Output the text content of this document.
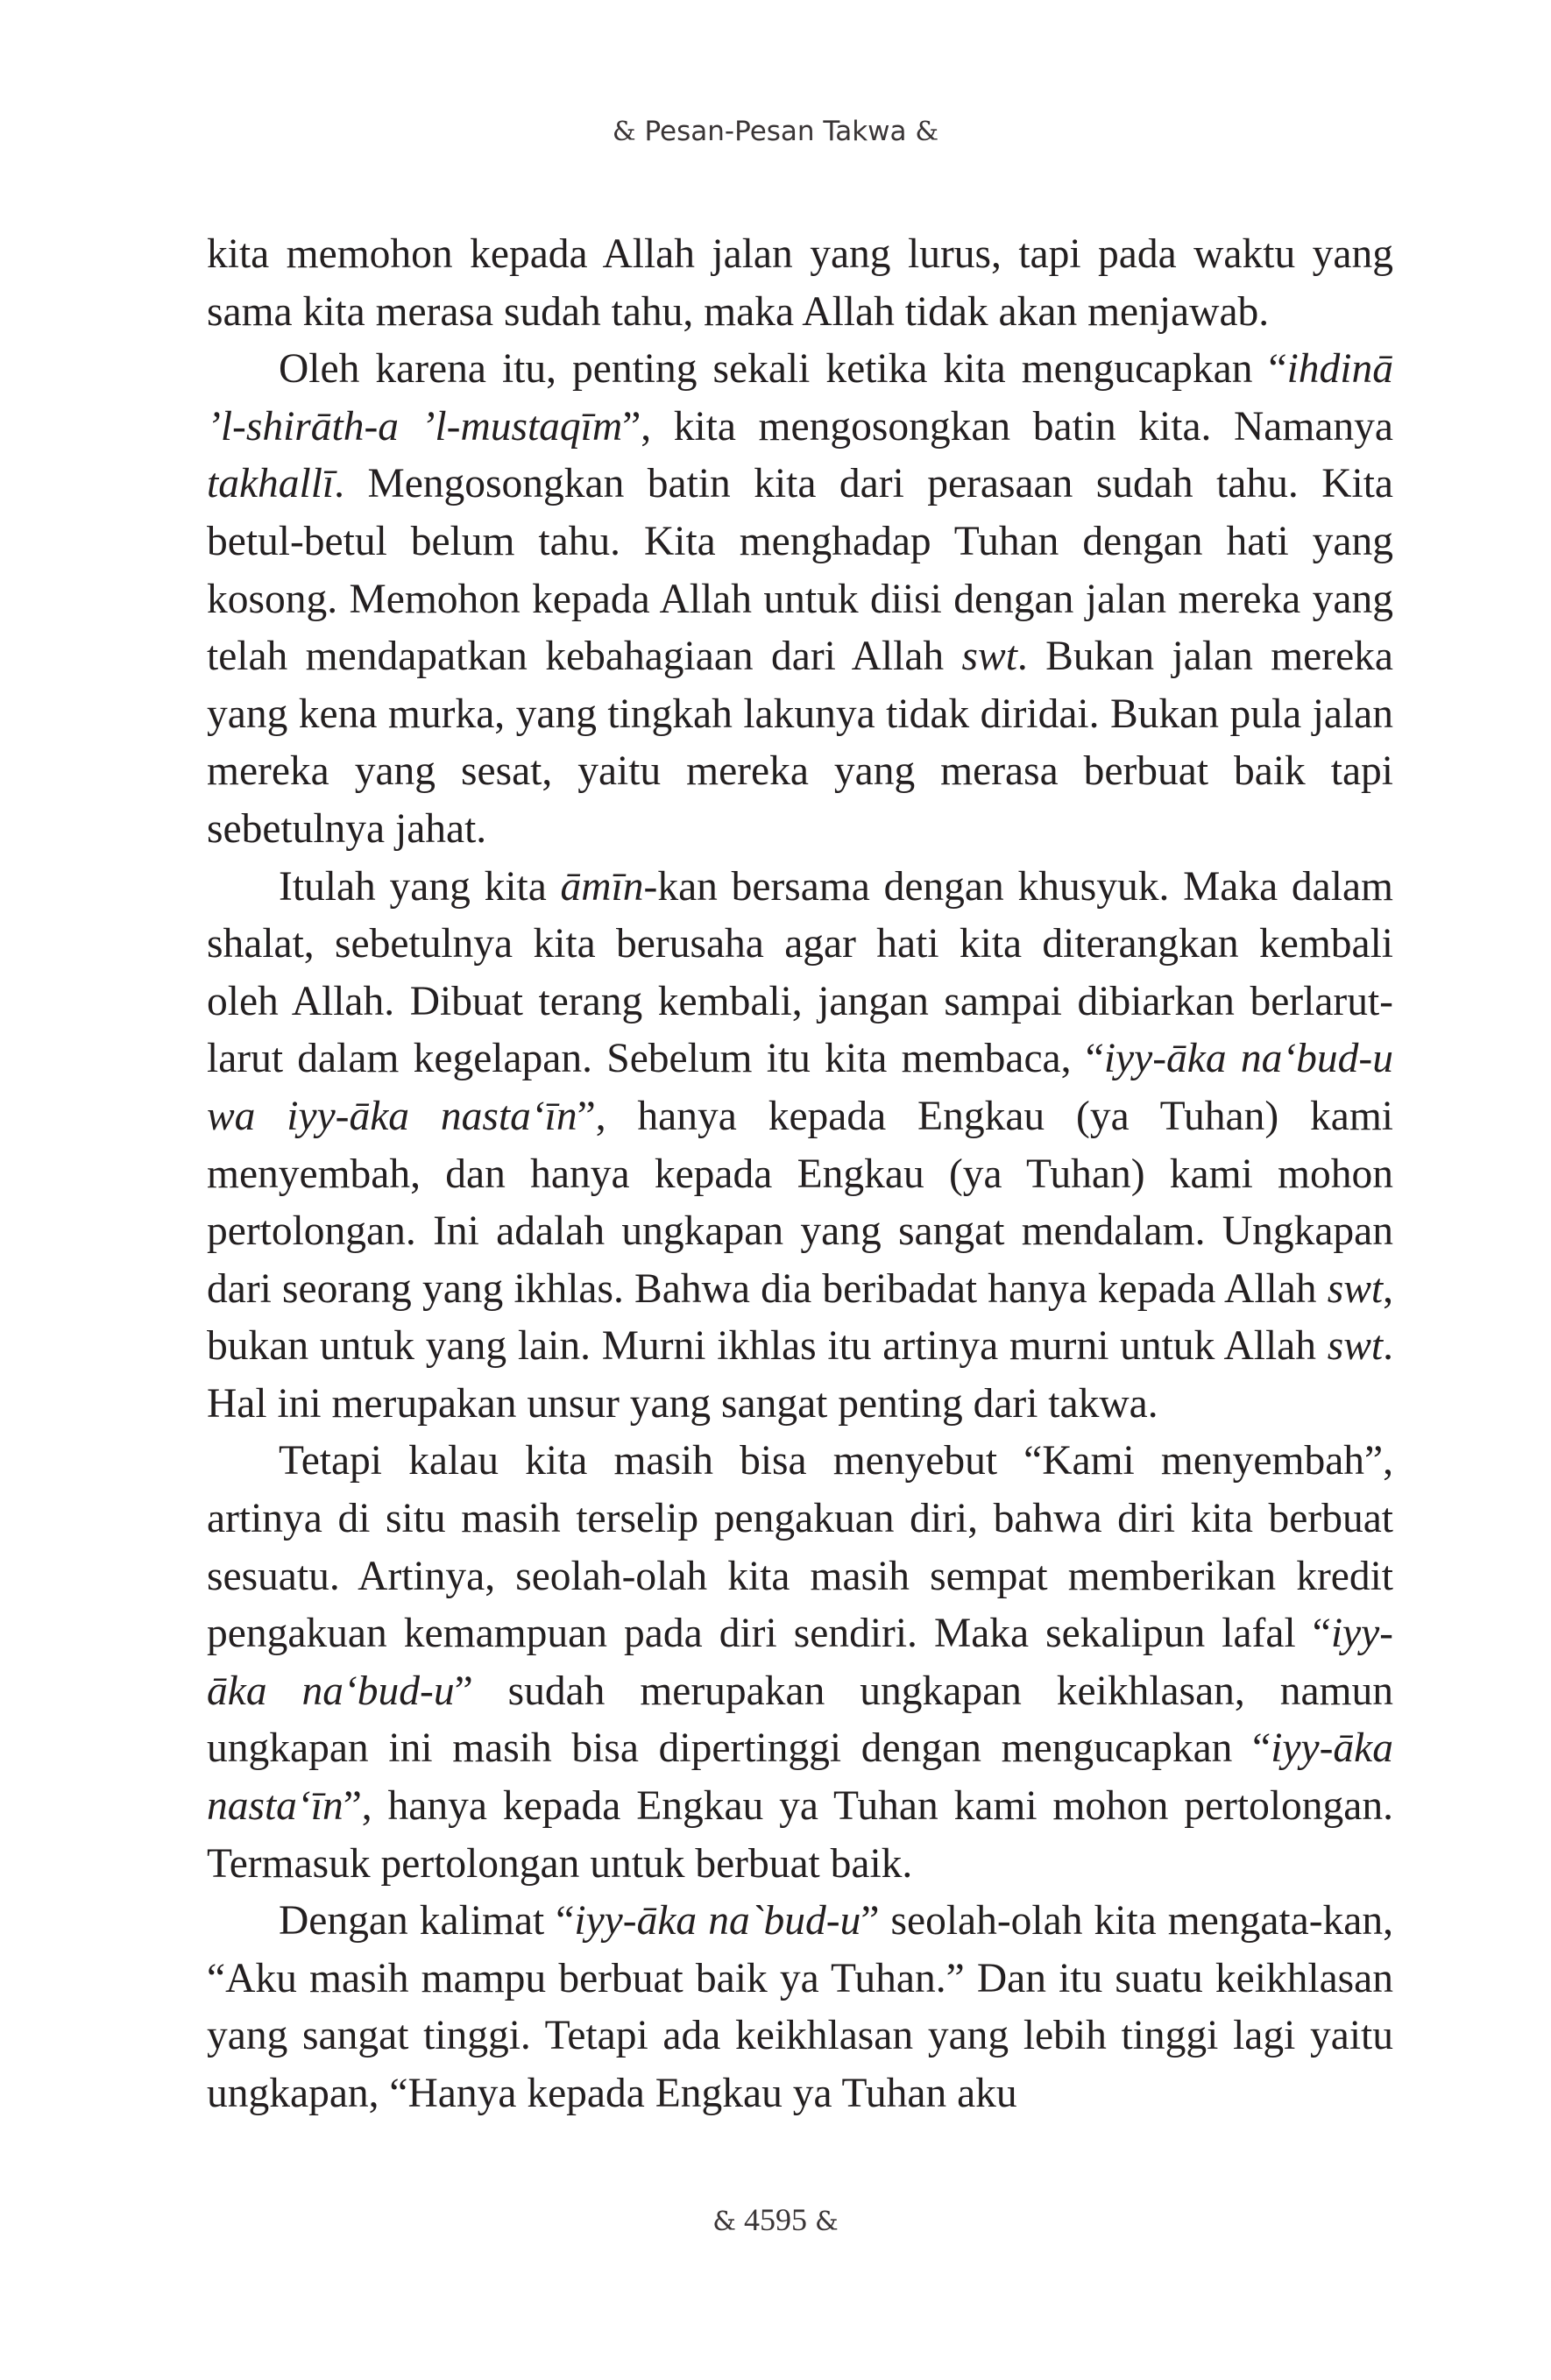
& Pesan-Pesan Takwa &

kita memohon kepada Allah jalan yang lurus, tapi pada waktu yang sama kita merasa sudah tahu, maka Allah tidak akan menjawab.

Oleh karena itu, penting sekali ketika kita mengucapkan “ihdinā ’l-shirāth-a ’l-mustaqīm”, kita mengosongkan batin kita. Namanya takhallī. Mengosongkan batin kita dari perasaan sudah tahu. Kita betul-betul belum tahu. Kita menghadap Tuhan dengan hati yang kosong. Memohon kepada Allah untuk diisi dengan jalan mereka yang telah mendapatkan kebahagiaan dari Allah swt. Bukan jalan mereka yang kena murka, yang tingkah lakunya tidak diridai. Bukan pula jalan mereka yang sesat, yaitu mereka yang merasa berbuat baik tapi sebetulnya jahat.

Itulah yang kita āmīn-kan bersama dengan khusyuk. Maka dalam shalat, sebetulnya kita berusaha agar hati kita diterangkan kembali oleh Allah. Dibuat terang kembali, jangan sampai dibiarkan berlarut-larut dalam kegelapan. Sebelum itu kita membaca, “iyy-āka na‘bud-u wa iyy-āka nasta‘īn”, hanya kepada Engkau (ya Tuhan) kami menyembah, dan hanya kepada Engkau (ya Tuhan) kami mohon pertolongan. Ini adalah ungkapan yang sangat mendalam. Ungkapan dari seorang yang ikhlas. Bahwa dia beribadat hanya kepada Allah swt, bukan untuk yang lain. Murni ikhlas itu artinya murni untuk Allah swt. Hal ini merupakan unsur yang sangat penting dari takwa.

Tetapi kalau kita masih bisa menyebut “Kami menyembah”, artinya di situ masih terselip pengakuan diri, bahwa diri kita berbuat sesuatu. Artinya, seolah-olah kita masih sempat memberikan kredit pengakuan kemampuan pada diri sendiri. Maka sekalipun lafal “iyy-āka na‘bud-u” sudah merupakan ungkapan keikhlasan, namun ungkapan ini masih bisa dipertinggi dengan mengucapkan “iyy-āka nasta‘īn”, hanya kepada Engkau ya Tuhan kami mohon pertolongan. Termasuk pertolongan untuk berbuat baik.

Dengan kalimat “iyy-āka na`bud-u” seolah-olah kita mengata-kan, “Aku masih mampu berbuat baik ya Tuhan.” Dan itu suatu keikhlasan yang sangat tinggi. Tetapi ada keikhlasan yang lebih tinggi lagi yaitu ungkapan, “Hanya kepada Engkau ya Tuhan aku

& 4595 &
